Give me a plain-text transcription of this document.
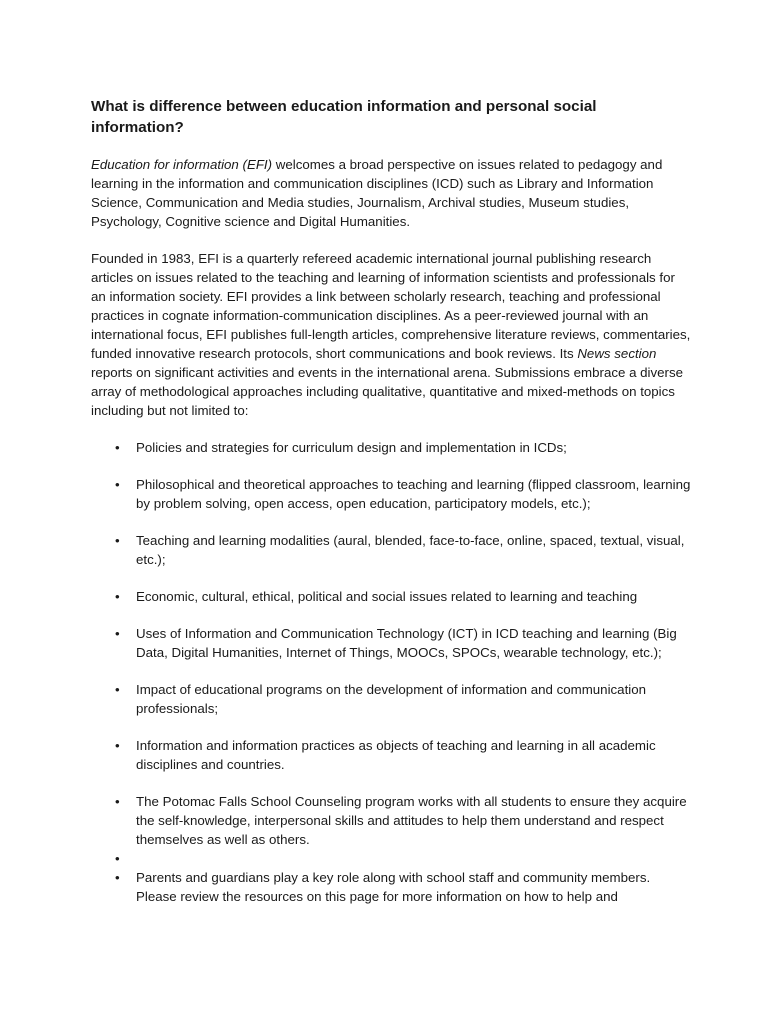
What is difference between education information and personal social information?

Education for information (EFI) welcomes a broad perspective on issues related to pedagogy and learning in the information and communication disciplines (ICD) such as Library and Information Science, Communication and Media studies, Journalism, Archival studies, Museum studies, Psychology, Cognitive science and Digital Humanities.

Founded in 1983, EFI is a quarterly refereed academic international journal publishing research articles on issues related to the teaching and learning of information scientists and professionals for an information society. EFI provides a link between scholarly research, teaching and professional practices in cognate information-communication disciplines. As a peer-reviewed journal with an international focus, EFI publishes full-length articles, comprehensive literature reviews, commentaries, funded innovative research protocols, short communications and book reviews. Its News section reports on significant activities and events in the international arena. Submissions embrace a diverse array of methodological approaches including qualitative, quantitative and mixed-methods on topics including but not limited to:

•	Policies and strategies for curriculum design and implementation in ICDs;
•	Philosophical and theoretical approaches to teaching and learning (flipped classroom, learning by problem solving, open access, open education, participatory models, etc.);
•	Teaching and learning modalities (aural, blended, face-to-face, online, spaced, textual, visual, etc.);
•	Economic, cultural, ethical, political and social issues related to learning and teaching
•	Uses of Information and Communication Technology (ICT) in ICD teaching and learning (Big Data, Digital Humanities, Internet of Things, MOOCs, SPOCs, wearable technology, etc.);
•	Impact of educational programs on the development of information and communication professionals;
•	Information and information practices as objects of teaching and learning in all academic disciplines and countries.
•	The Potomac Falls School Counseling program works with all students to ensure they acquire the self-knowledge, interpersonal skills and attitudes to help them understand and respect themselves as well as others.
•
•	Parents and guardians play a key role along with school staff and community members. Please review the resources on this page for more information on how to help and
